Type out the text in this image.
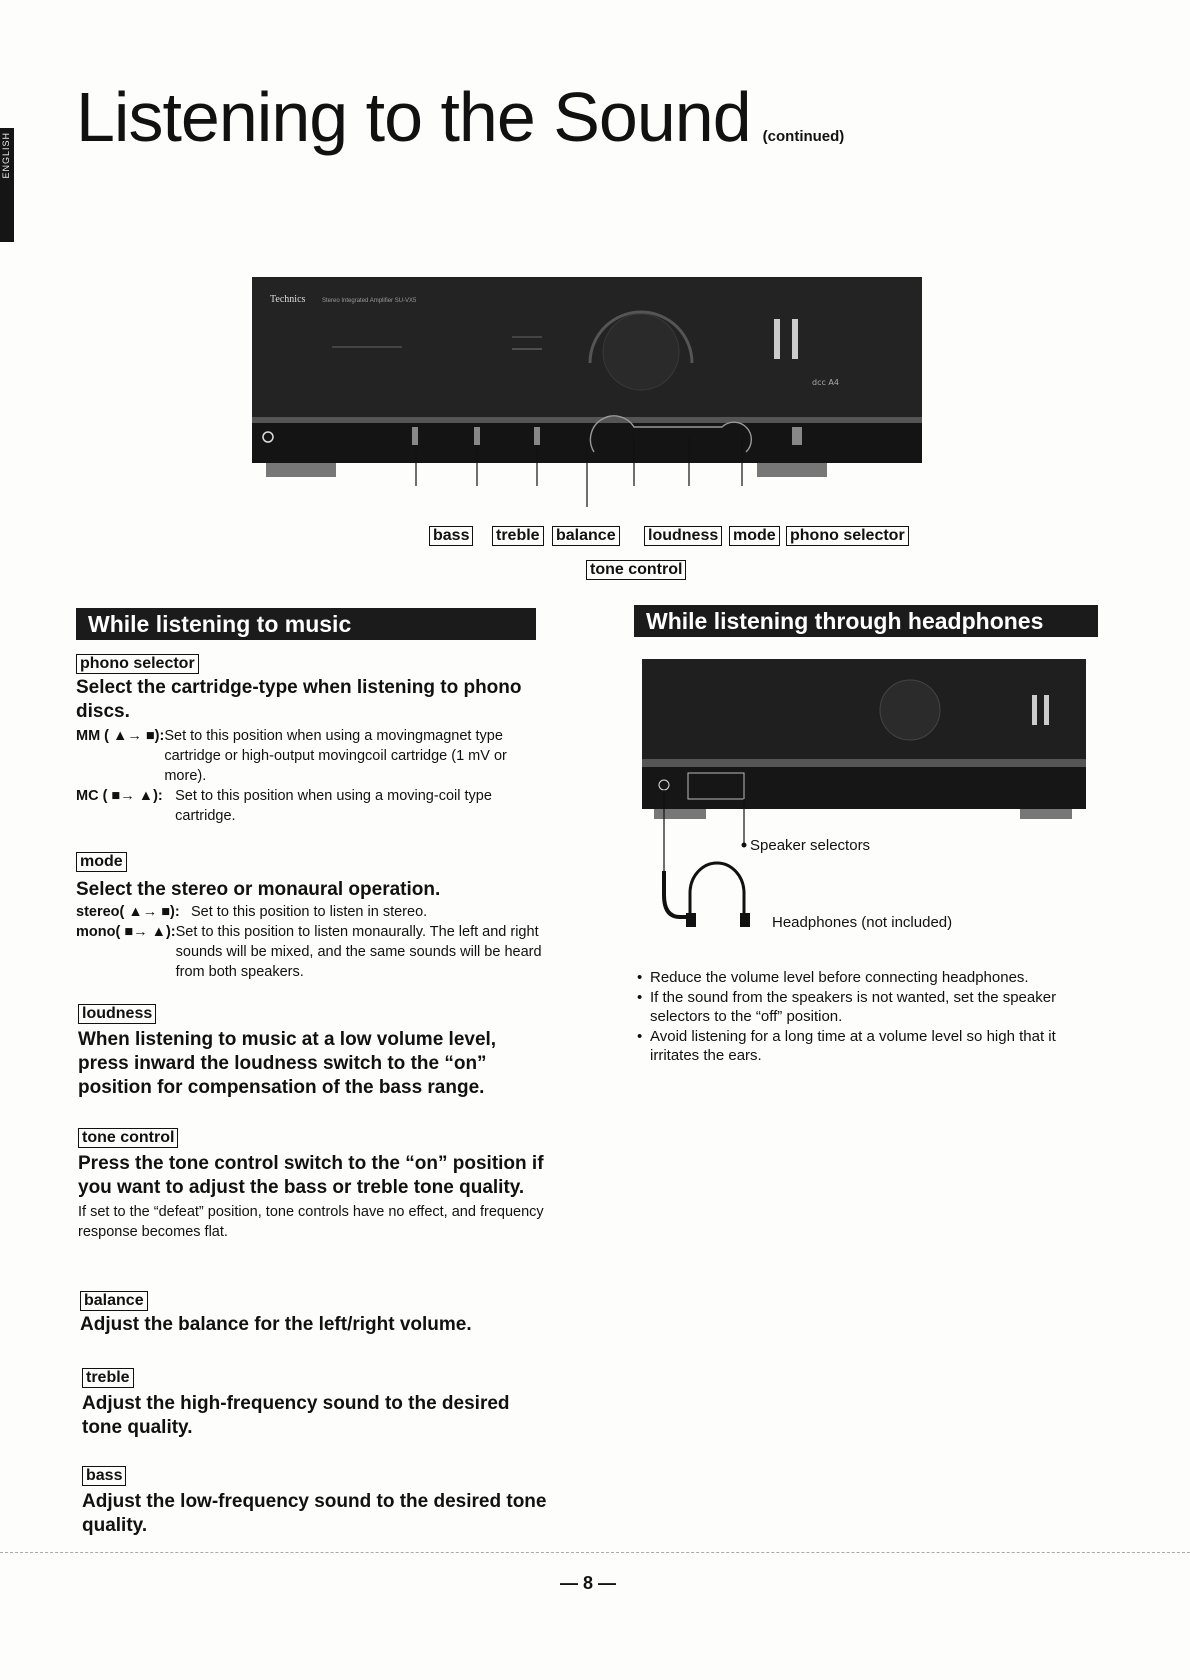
ENGLISH Listening to the Sound (continued)
Technics	Stereo Integrated Amplifier SU-VX5
dcc A4
bass treble balance loudness mode phono selector
tone control
While listening to music
phono selector
Select the cartridge-type when listening to phono discs.
MM ( ▲→ ■): Set to this position when using a movingmagnet type cartridge or high-output movingcoil cartridge (1 mV or more).
MC ( ■→ ▲): Set to this position when using a moving-coil type cartridge.
mode
Select the stereo or monaural operation.
stereo( ▲→ ■): Set to this position to listen in stereo.
mono( ■→ ▲): Set to this position to listen monaurally. The left and right sounds will be mixed, and the same sounds will be heard from both speakers.
loudness
When listening to music at a low volume level, press inward the loudness switch to the “on” position for compensation of the bass range.
tone control
Press the tone control switch to the “on” position if you want to adjust the bass or treble tone quality.
If set to the “defeat” position, tone controls have no effect, and frequency response becomes flat.
balance
Adjust the balance for the left/right volume.
treble
Adjust the high-frequency sound to the desired tone quality.
bass
Adjust the low-frequency sound to the desired tone quality.
While listening through headphones
Speaker selectors
Headphones (not included)
• Reduce the volume level before connecting headphones.
• If the sound from the speakers is not wanted, set the speaker selectors to the “off” position.
• Avoid listening for a long time at a volume level so high that it irritates the ears.
— 8 —
